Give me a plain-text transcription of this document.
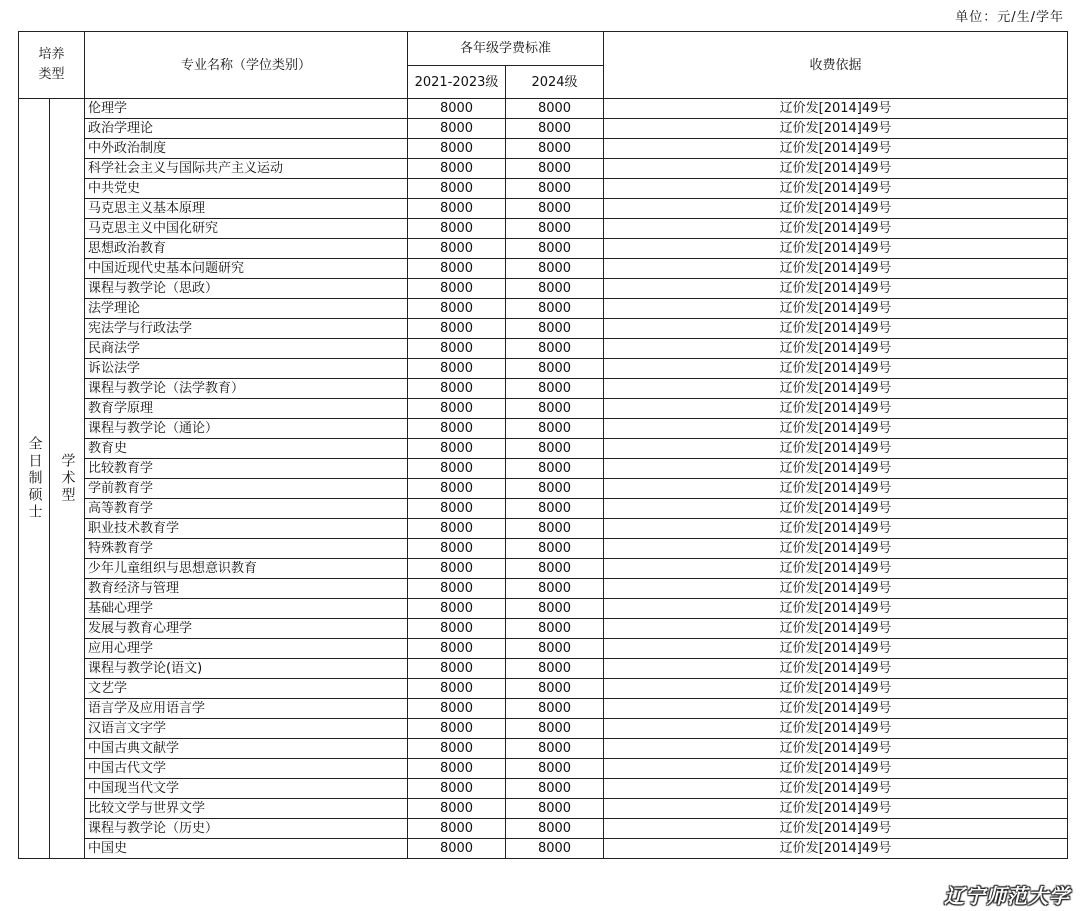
单位：元/生/学年
培养类型		专业名称（学位类别）	各年级学费标准		收费依据
			2021-2023级	2024级	
全日制硕士	学术型	伦理学	8000	8000	辽价发[2014]49号
		政治学理论	8000	8000	辽价发[2014]49号
		中外政治制度	8000	8000	辽价发[2014]49号
		科学社会主义与国际共产主义运动	8000	8000	辽价发[2014]49号
		中共党史	8000	8000	辽价发[2014]49号
		马克思主义基本原理	8000	8000	辽价发[2014]49号
		马克思主义中国化研究	8000	8000	辽价发[2014]49号
		思想政治教育	8000	8000	辽价发[2014]49号
		中国近现代史基本问题研究	8000	8000	辽价发[2014]49号
		课程与教学论（思政）	8000	8000	辽价发[2014]49号
		法学理论	8000	8000	辽价发[2014]49号
		宪法学与行政法学	8000	8000	辽价发[2014]49号
		民商法学	8000	8000	辽价发[2014]49号
		诉讼法学	8000	8000	辽价发[2014]49号
		课程与教学论（法学教育）	8000	8000	辽价发[2014]49号
		教育学原理	8000	8000	辽价发[2014]49号
		课程与教学论（通论）	8000	8000	辽价发[2014]49号
		教育史	8000	8000	辽价发[2014]49号
		比较教育学	8000	8000	辽价发[2014]49号
		学前教育学	8000	8000	辽价发[2014]49号
		高等教育学	8000	8000	辽价发[2014]49号
		职业技术教育学	8000	8000	辽价发[2014]49号
		特殊教育学	8000	8000	辽价发[2014]49号
		少年儿童组织与思想意识教育	8000	8000	辽价发[2014]49号
		教育经济与管理	8000	8000	辽价发[2014]49号
		基础心理学	8000	8000	辽价发[2014]49号
		发展与教育心理学	8000	8000	辽价发[2014]49号
		应用心理学	8000	8000	辽价发[2014]49号
		课程与教学论(语文)	8000	8000	辽价发[2014]49号
		文艺学	8000	8000	辽价发[2014]49号
		语言学及应用语言学	8000	8000	辽价发[2014]49号
		汉语言文字学	8000	8000	辽价发[2014]49号
		中国古典文献学	8000	8000	辽价发[2014]49号
		中国古代文学	8000	8000	辽价发[2014]49号
		中国现当代文学	8000	8000	辽价发[2014]49号
		比较文学与世界文学	8000	8000	辽价发[2014]49号
		课程与教学论（历史）	8000	8000	辽价发[2014]49号
		中国史	8000	8000	辽价发[2014]49号
辽宁师范大学
